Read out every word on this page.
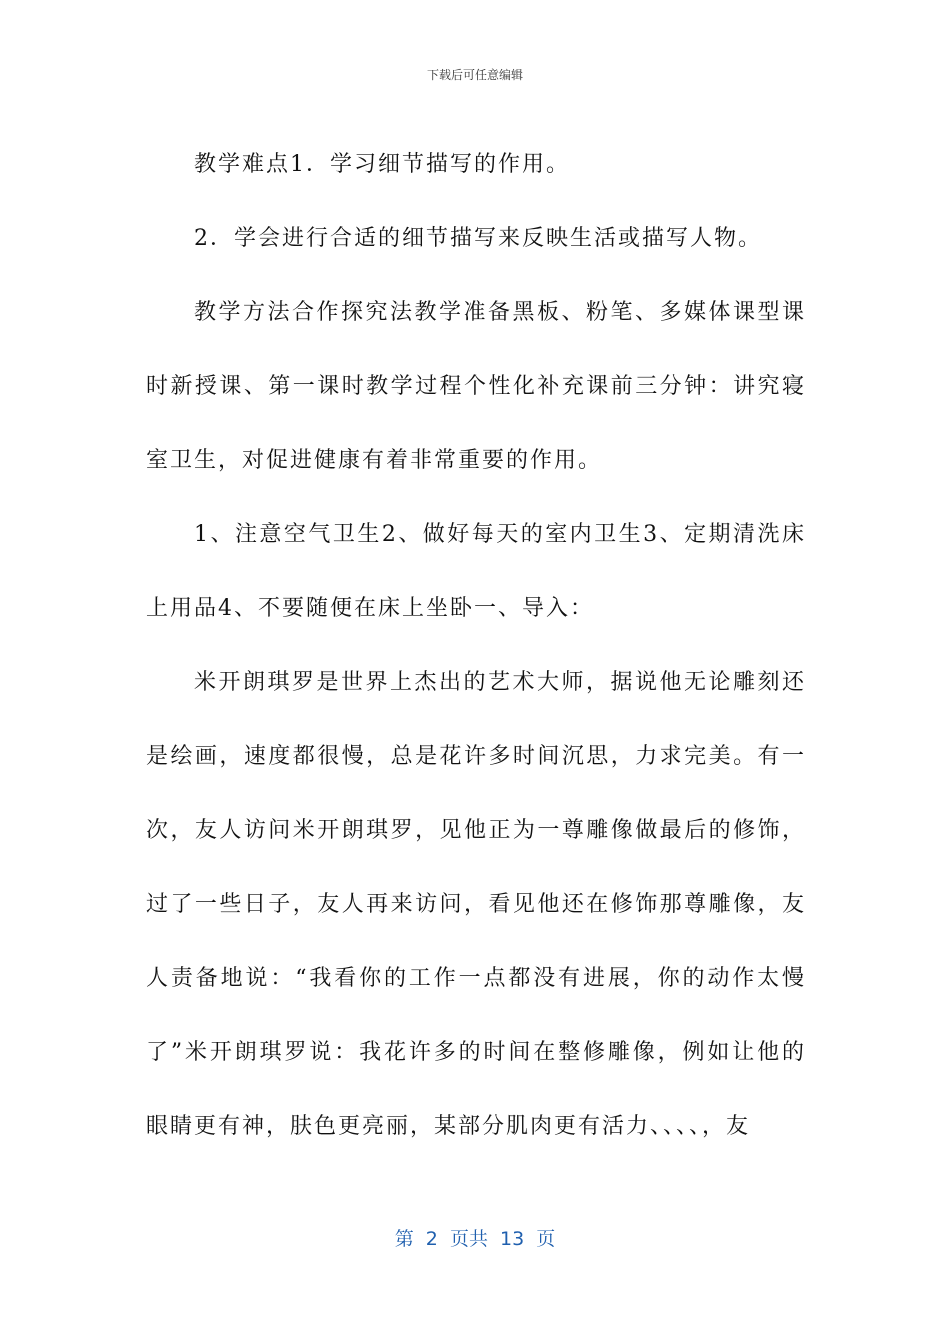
下载后可任意编辑

教学难点1．学习细节描写的作用。

2．学会进行合适的细节描写来反映生活或描写人物。

教学方法合作探究法教学准备黑板、粉笔、多媒体课型课时新授课、第一课时教学过程个性化补充课前三分钟：讲究寝室卫生，对促进健康有着非常重要的作用。

1、注意空气卫生2、做好每天的室内卫生3、定期清洗床上用品4、不要随便在床上坐卧一、导入：

米开朗琪罗是世界上杰出的艺术大师，据说他无论雕刻还是绘画，速度都很慢，总是花许多时间沉思，力求完美。有一次，友人访问米开朗琪罗，见他正为一尊雕像做最后的修饰，过了一些日子，友人再来访问，看见他还在修饰那尊雕像，友人责备地说：“我看你的工作一点都没有进展，你的动作太慢了”米开朗琪罗说：我花许多的时间在整修雕像，例如让他的眼睛更有神，肤色更亮丽，某部分肌肉更有活力、、、、，友

第 2 页共 13 页
